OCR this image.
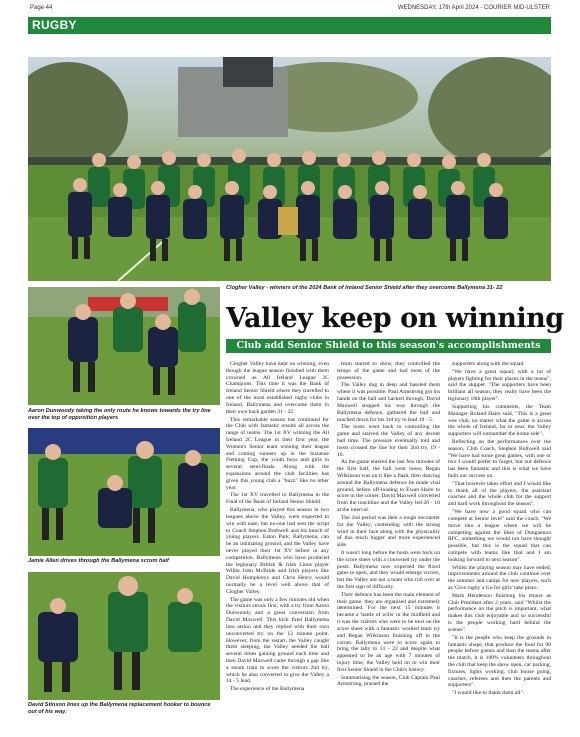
Page 44	WEDNESDAY, 17th April 2024 - COURIER MID-ULSTER
RUGBY
Clogher Valley - winners of the 2024 Bank of Ireland Senior Shield after they overcome Ballymena 31- 22
Aaron Dunwoody taking the only route he knows towards the try line over the top of opposition players
Jamie Allen drives through the Ballymena scrum half
David Stinson lines up the Ballymena replacement hooker to bounce out of his way.
Valley keep on winning
Club add Senior Shield to this season's accomplishments

Clogher Valley have kept on winning, even though the league season finished with them crowned as All Ireland League 2C Champions. This time it was the Bank of Ireland Senior Shield where they travelled to one of the most established rugby clubs in Ireland, Ballymena and overcome them in their own back garden 31 - 22.

This remarkable season has continued for the Club with fantastic results all across the range of teams. The 1st XV winning the All Ireland 2C League in their first year, the Women's Senior team winning their league and coming runners up in the Suzanne Fleming Cup, the youth boys and girls in several semi-finals. Along with the expansions around the club facilities has given this young club a "buzz" like no other year.

The 1st XV travelled to Ballymena in the Final of the Bank of Ireland Senior Shield.

Ballymena, who played this season in two leagues above the Valley, were expected to win with ease, but no-one had sent the script to Coach Stephen Bothwell and his bunch of young players. Eaton Park; Ballymena, can be an intimating ground, and the Valley have never played their 1st XV before in any competition. Ballymena who have produced the legionary British & Irish Lions player Willie John McBride and Irish players like David Humphreys and Chris Henry would normally be a level well above that of Clogher Valley.

The game was only a few minutes old when the visitors struck first, with a try from Aaron Dunwoody and a great conversion from David Maxwell. This kick fired Ballymena into action and they replied with their own unconverted try on the 12 minute point. However, from the restart, the Valley caught them sleeping, the Valley needed the ball several times gaining ground each time and then David Maxwell came through a gap like a steam train to score the visitors 2nd try, which he also converted to give the Valley a 14 - 5 lead.

The experience of the Ballymena

team started to show, they controlled the tempo of the game and had most of the possession.

The Valley dug in deep and hassled them where it was possible. Paul Armstrong got his hands on the ball and hacked through, David Maxwell stopped his way through the Ballymena defence, gathered the ball and touched down for his 3rd try to lead 19 - 5.

The hosts went back to controlling the game and starved the Valley of any decent ball time. The pressure eventually told and hosts crossed the line for their 2nd try, 19 - 10.

As the game entered the last few minutes of the first half, the ball went loose, Regan Wilkinson was on it like a flash, then dancing around the Ballymena defence he made vital ground, before off-loading to Ewan Haire to score in the corner. David Maxwell converted from the touchline and the Valley led 26 - 10 at the interval.

The 2nd period was then a tough encounter for the Valley, contending with the strong wind in their face along with the physicality of this much bigger and more experienced side.

It wasn't long before the hosts were back on the score sheet with a converted try under the posts. Ballymena now expected the flood gates to open, and they would emerge victors, but the Valley are not a team who roll over at the first sign of difficulty.

Their defence has been the main element of their game, they are organised and extremely determined. For the next 15 minutes it became a 'battle of wills' in the midfield and it was the visitors who were to be next on the score sheet with a fantastic worked team try and Regan Wilkinson finishing off in the corner. Ballymena were to score again to bring the tally to 31 - 22 and despite what appeared to be an age with 7 minutes of injury time, the Valley held on to win their first Senior Shield in the Club's history.

Summarising the season, Club Captain Paul Armstrong, praised the

supporters along with the squad.

"We have a great squad, with a lot of players fighting for their places in the teams", said the skipper. "The supporters have been brilliant all season, they really have been the legionary 16th player".

Supporting his comments, the Team Manager Roland Haire said, "This is a great wee club, no matter what the game is across the whole of Ireland, far or near, the Valley supporters will outnumber the home side".

Reflecting on the performances over the season, Club Coach, Stephen Bothwell said "We have had some great games, with one or two I would prefer to forget, but our defence has been fantastic and this is what we have built our success on.

"That however takes effort and I would like to thank all of the players, the assistant coaches and the whole club for the support and hard work throughout the season".

"We have now a good squad who can compete at Senior level" said the coach. "We move into a league where we will be competing against the likes of Dungannon RFC, something we would not have thought possible, but this is the squad that can compete with teams like that and I am looking forward to next season".

Whilst the playing season may have ended, improvements around the club continue over the summer and camps for new players, such as 'Give rugby a Go for girls' take place.

Mark Henderson finishing his tenure as Club President after 2 years, said "Whilst the performance on the pitch is important, what makes this club enjoyable and so successful is the people working hard behind the scenes".

"It is the people who keep the grounds in fantastic shape, that produce the food for 90 people before games and then the teams after the match, it is 100% volunteers throughout the club that keep the show open, car parking, fixtures, lights working, club house going, coaches, referees and then the parents and supporters".

"I would like to thank them all".
